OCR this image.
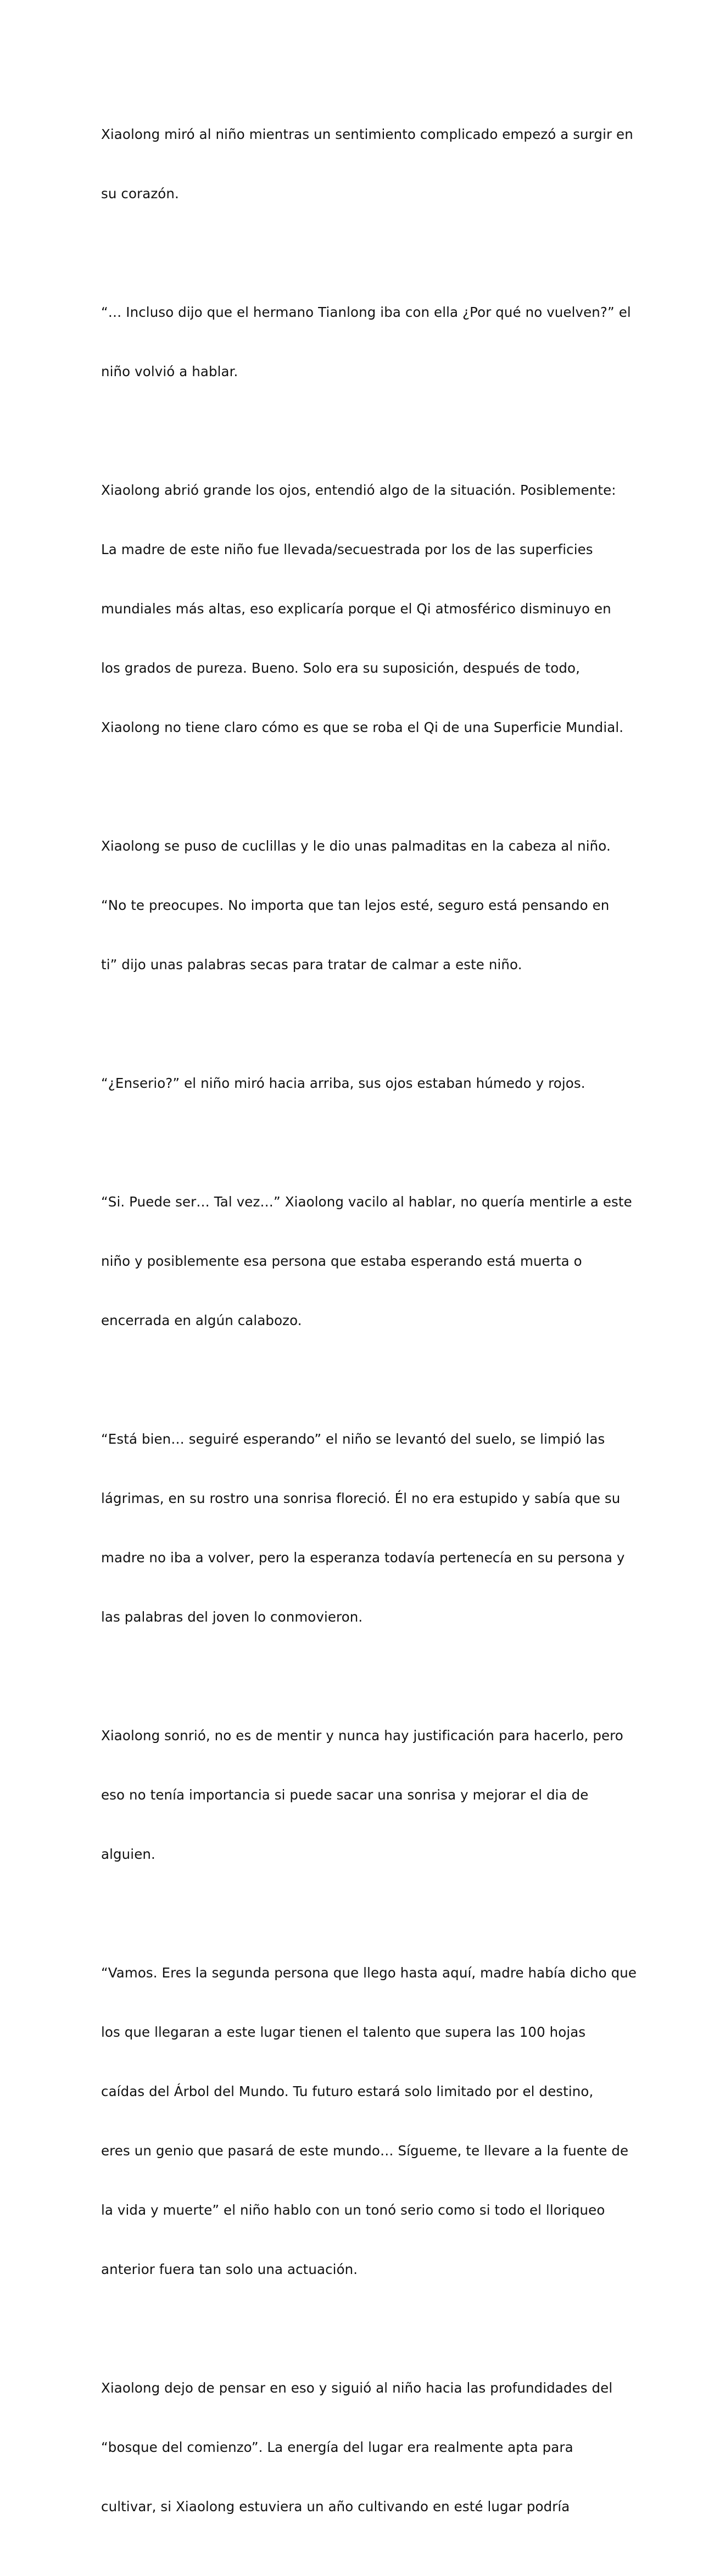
Xiaolong miró al niño mientras un sentimiento complicado empezó a surgir en

su corazón.

“… Incluso dijo que el hermano Tianlong iba con ella ¿Por qué no vuelven?” el

niño volvió a hablar.

Xiaolong abrió grande los ojos, entendió algo de la situación. Posiblemente:

La madre de este niño fue llevada/secuestrada por los de las superficies

mundiales más altas, eso explicaría porque el Qi atmosférico disminuyo en

los grados de pureza. Bueno. Solo era su suposición, después de todo,

Xiaolong no tiene claro cómo es que se roba el Qi de una Superficie Mundial.

Xiaolong se puso de cuclillas y le dio unas palmaditas en la cabeza al niño.

“No te preocupes. No importa que tan lejos esté, seguro está pensando en

ti” dijo unas palabras secas para tratar de calmar a este niño.

“¿Enserio?” el niño miró hacia arriba, sus ojos estaban húmedo y rojos.

“Si. Puede ser… Tal vez…” Xiaolong vacilo al hablar, no quería mentirle a este

niño y posiblemente esa persona que estaba esperando está muerta o

encerrada en algún calabozo.

“Está bien… seguiré esperando” el niño se levantó del suelo, se limpió las

lágrimas, en su rostro una sonrisa floreció. Él no era estupido y sabía que su

madre no iba a volver, pero la esperanza todavía pertenecía en su persona y

las palabras del joven lo conmovieron.

Xiaolong sonrió, no es de mentir y nunca hay justificación para hacerlo, pero

eso no tenía importancia si puede sacar una sonrisa y mejorar el dia de

alguien.

“Vamos. Eres la segunda persona que llego hasta aquí, madre había dicho que

los que llegaran a este lugar tienen el talento que supera las 100 hojas

caídas del Árbol del Mundo. Tu futuro estará solo limitado por el destino,

eres un genio que pasará de este mundo… Sígueme, te llevare a la fuente de

la vida y muerte” el niño hablo con un tonó serio como si todo el lloriqueo

anterior fuera tan solo una actuación.

Xiaolong dejo de pensar en eso y siguió al niño hacia las profundidades del

“bosque del comienzo”. La energía del lugar era realmente apta para

cultivar, si Xiaolong estuviera un año cultivando en esté lugar podría
